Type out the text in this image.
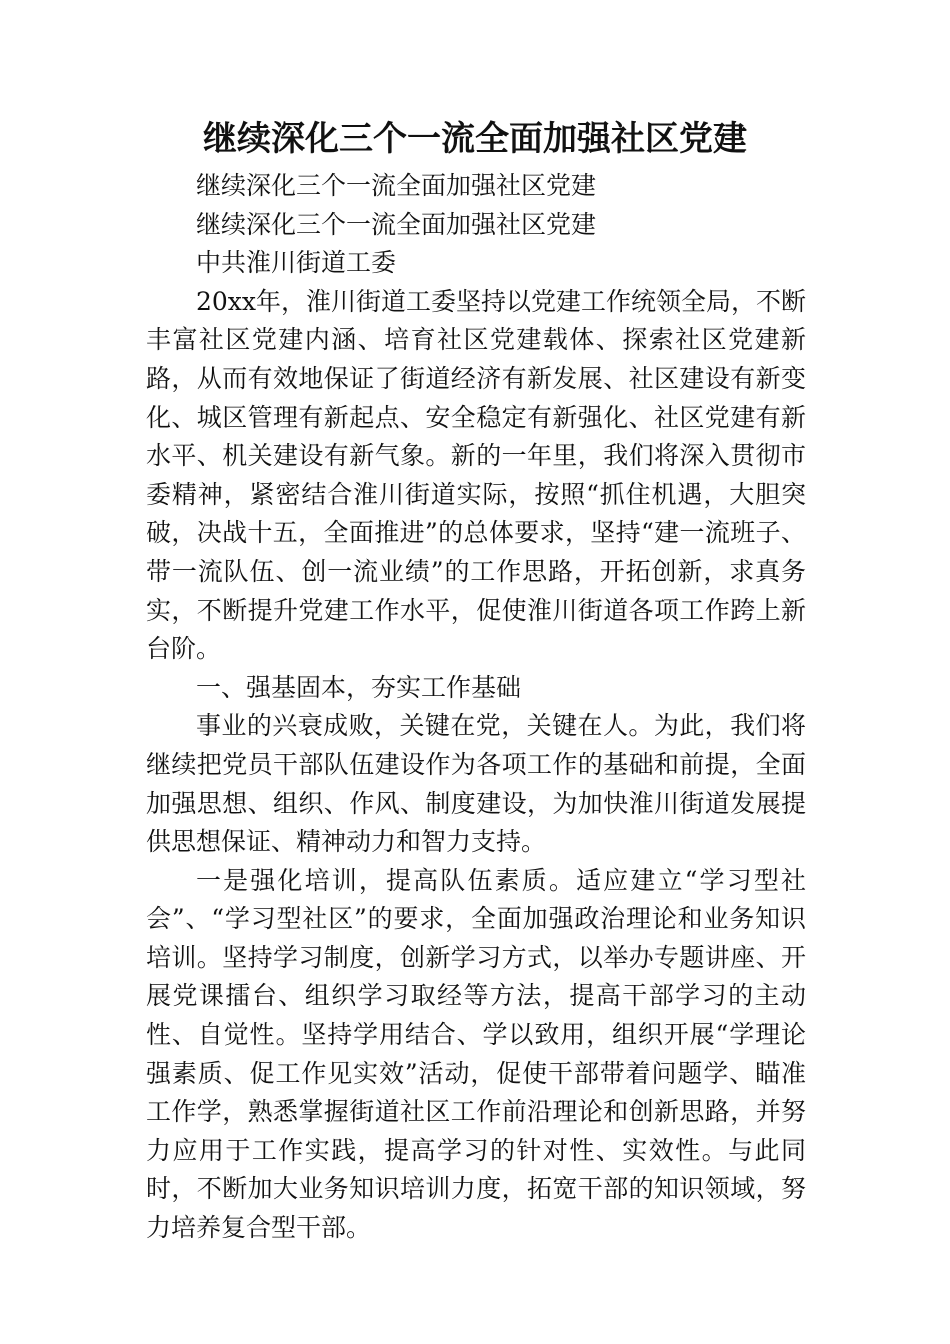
继续深化三个一流全面加强社区党建

继续深化三个一流全面加强社区党建

继续深化三个一流全面加强社区党建

中共淮川街道工委

20xx年，淮川街道工委坚持以党建工作统领全局，不断丰富社区党建内涵、培育社区党建载体、探索社区党建新路，从而有效地保证了街道经济有新发展、社区建设有新变化、城区管理有新起点、安全稳定有新强化、社区党建有新水平、机关建设有新气象。新的一年里，我们将深入贯彻市委精神，紧密结合淮川街道实际，按照“抓住机遇，大胆突破，决战十五，全面推进”的总体要求，坚持“建一流班子、带一流队伍、创一流业绩”的工作思路，开拓创新，求真务实，不断提升党建工作水平，促使淮川街道各项工作跨上新台阶。

一、强基固本，夯实工作基础

事业的兴衰成败，关键在党，关键在人。为此，我们将继续把党员干部队伍建设作为各项工作的基础和前提，全面加强思想、组织、作风、制度建设，为加快淮川街道发展提供思想保证、精神动力和智力支持。

一是强化培训，提高队伍素质。适应建立“学习型社会”、“学习型社区”的要求，全面加强政治理论和业务知识培训。坚持学习制度，创新学习方式，以举办专题讲座、开展党课擂台、组织学习取经等方法，提高干部学习的主动性、自觉性。坚持学用结合、学以致用，组织开展“学理论强素质、促工作见实效”活动，促使干部带着问题学、瞄准工作学，熟悉掌握街道社区工作前沿理论和创新思路，并努力应用于工作实践，提高学习的针对性、实效性。与此同时，不断加大业务知识培训力度，拓宽干部的知识领域，努力培养复合型干部。
